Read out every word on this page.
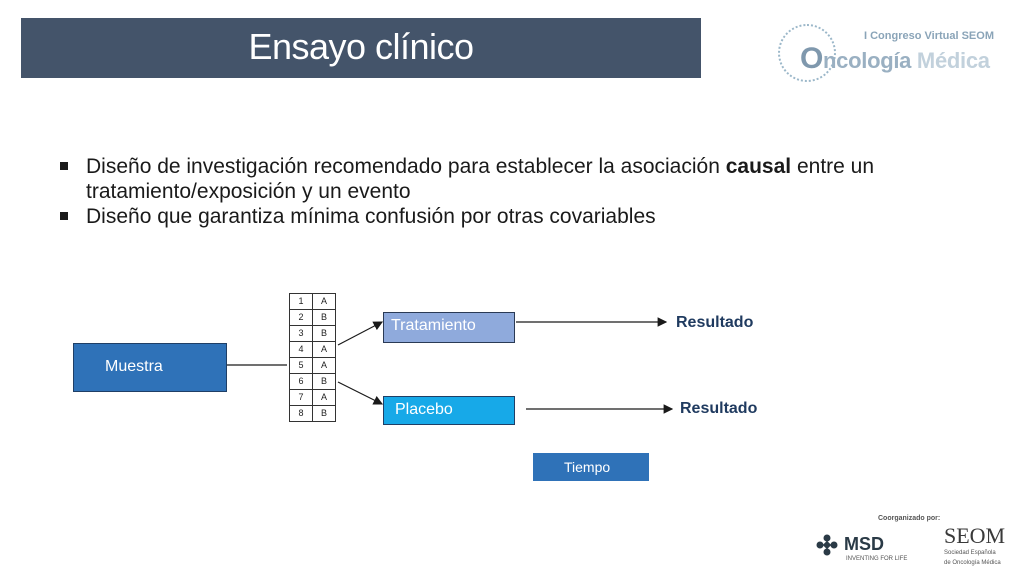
Ensayo clínico	I Congreso Virtual SEOM
Oncología Médica
Diseño de investigación recomendado para establecer la asociación causal entre un tratamiento/exposición y un evento
Diseño que garantiza mínima confusión por otras covariables
Muestra
1	A
2	B
3	B
4	A
5	A
6	B
7	A
8	B
Tratamiento
Placebo
Resultado
Resultado
Tiempo
Coorganizado por:
MSD
INVENTING FOR LIFE
SEOM
Sociedad Española
de Oncología Médica
